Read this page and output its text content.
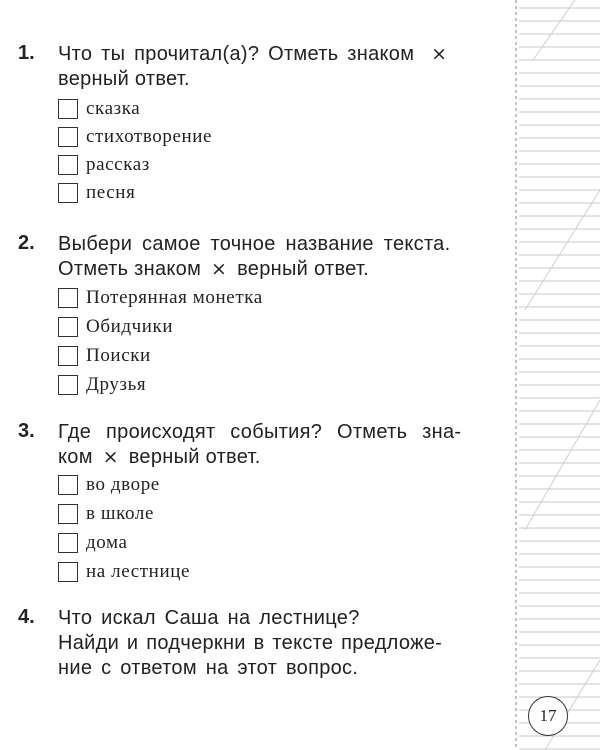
1. Что ты прочитал(а)? Отметь знаком ×
верный ответ.
сказка
стихотворение
рассказ
песня
2. Выбери самое точное название текста.
Отметь знаком × верный ответ.
Потерянная монетка
Обидчики
Поиски
Друзья
3. Где происходят события? Отметь зна-
ком × верный ответ.
во дворе
в школе
дома
на лестнице
4. Что искал Саша на лестнице?
Найди и подчеркни в тексте предложе-
ние с ответом на этот вопрос.
17
